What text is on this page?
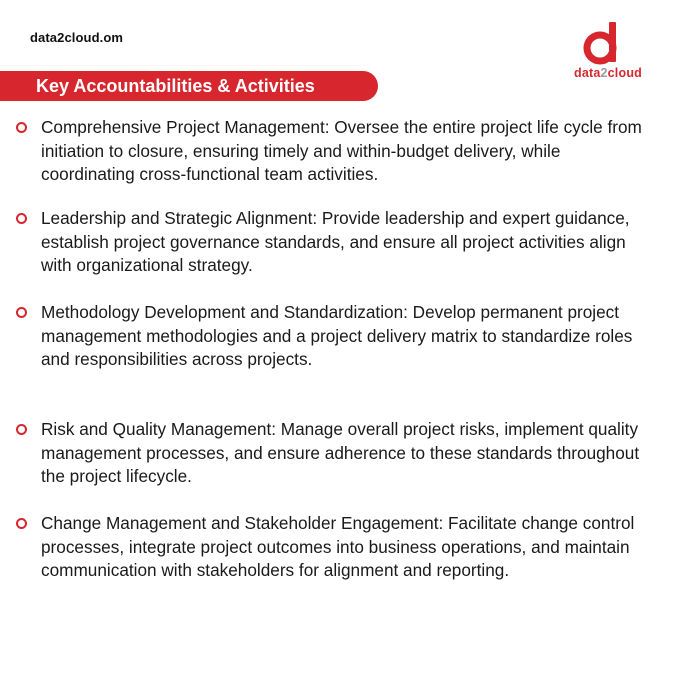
data2cloud.om
data2cloud
Key Accountabilities & Activities
Comprehensive Project Management: Oversee the entire project life cycle from initiation to closure, ensuring timely and within-budget delivery, while coordinating cross-functional team activities.
Leadership and Strategic Alignment: Provide leadership and expert guidance, establish project governance standards, and ensure all project activities align with organizational strategy.
Methodology Development and Standardization: Develop permanent project management methodologies and a project delivery matrix to standardize roles and responsibilities across projects.
Risk and Quality Management: Manage overall project risks, implement quality management processes, and ensure adherence to these standards throughout the project lifecycle.
Change Management and Stakeholder Engagement: Facilitate change control processes, integrate project outcomes into business operations, and maintain communication with stakeholders for alignment and reporting.
